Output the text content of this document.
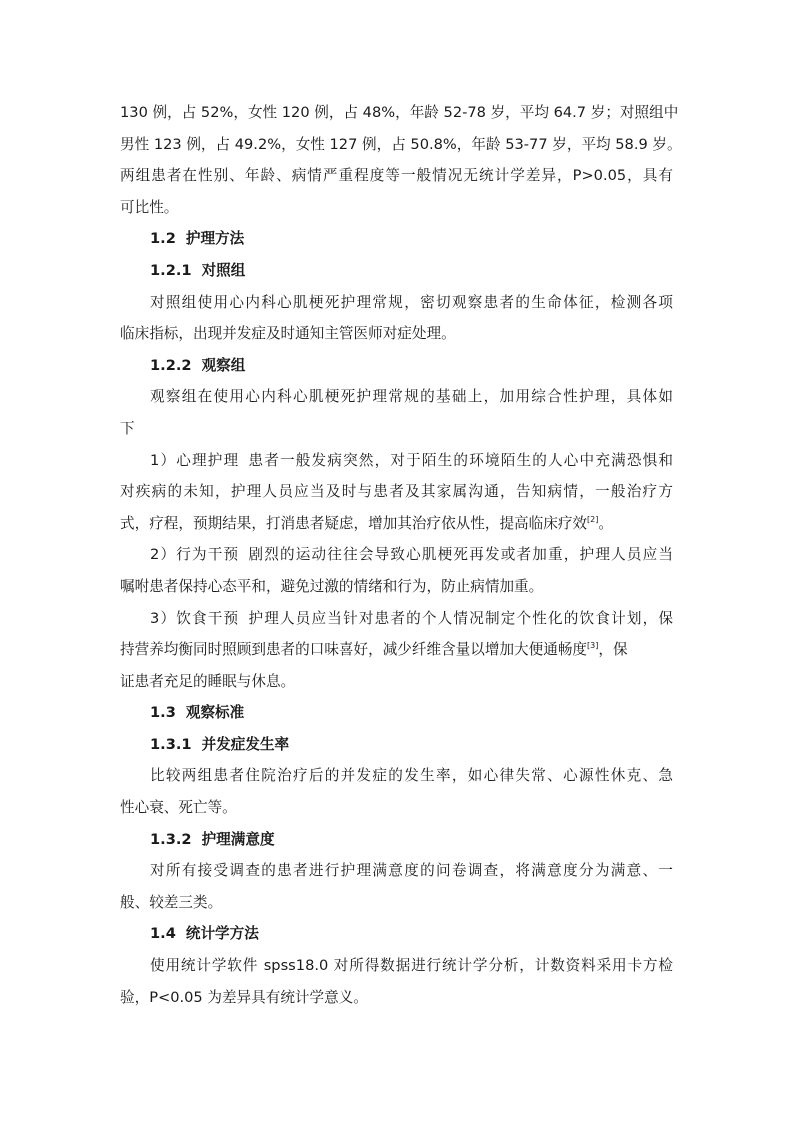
130 例，占 52%，女性 120 例，占 48%，年龄 52-78 岁，平均 64.7 岁；对照组中
男性 123 例，占 49.2%，女性 127 例，占 50.8%，年龄 53-77 岁，平均 58.9 岁。
两组患者在性别、年龄、病情严重程度等一般情况无统计学差异，P>0.05，具有
可比性。
1.2 护理方法
1.2.1 对照组
对照组使用心内科心肌梗死护理常规，密切观察患者的生命体征，检测各项
临床指标，出现并发症及时通知主管医师对症处理。
1.2.2 观察组
观察组在使用心内科心肌梗死护理常规的基础上，加用综合性护理，具体如
下
1）心理护理 患者一般发病突然，对于陌生的环境陌生的人心中充满恐惧和
对疾病的未知，护理人员应当及时与患者及其家属沟通，告知病情，一般治疗方
式，疗程，预期结果，打消患者疑虑，增加其治疗依从性，提高临床疗效[2]。
2）行为干预 剧烈的运动往往会导致心肌梗死再发或者加重，护理人员应当
嘱咐患者保持心态平和，避免过激的情绪和行为，防止病情加重。
3）饮食干预 护理人员应当针对患者的个人情况制定个性化的饮食计划，保
持营养均衡同时照顾到患者的口味喜好，减少纤维含量以增加大便通畅度[3]，保
证患者充足的睡眠与休息。
1.3 观察标准
1.3.1 并发症发生率
比较两组患者住院治疗后的并发症的发生率，如心律失常、心源性休克、急
性心衰、死亡等。
1.3.2 护理满意度
对所有接受调查的患者进行护理满意度的问卷调查，将满意度分为满意、一
般、较差三类。
1.4 统计学方法
使用统计学软件 spss18.0 对所得数据进行统计学分析，计数资料采用卡方检
验，P<0.05 为差异具有统计学意义。
